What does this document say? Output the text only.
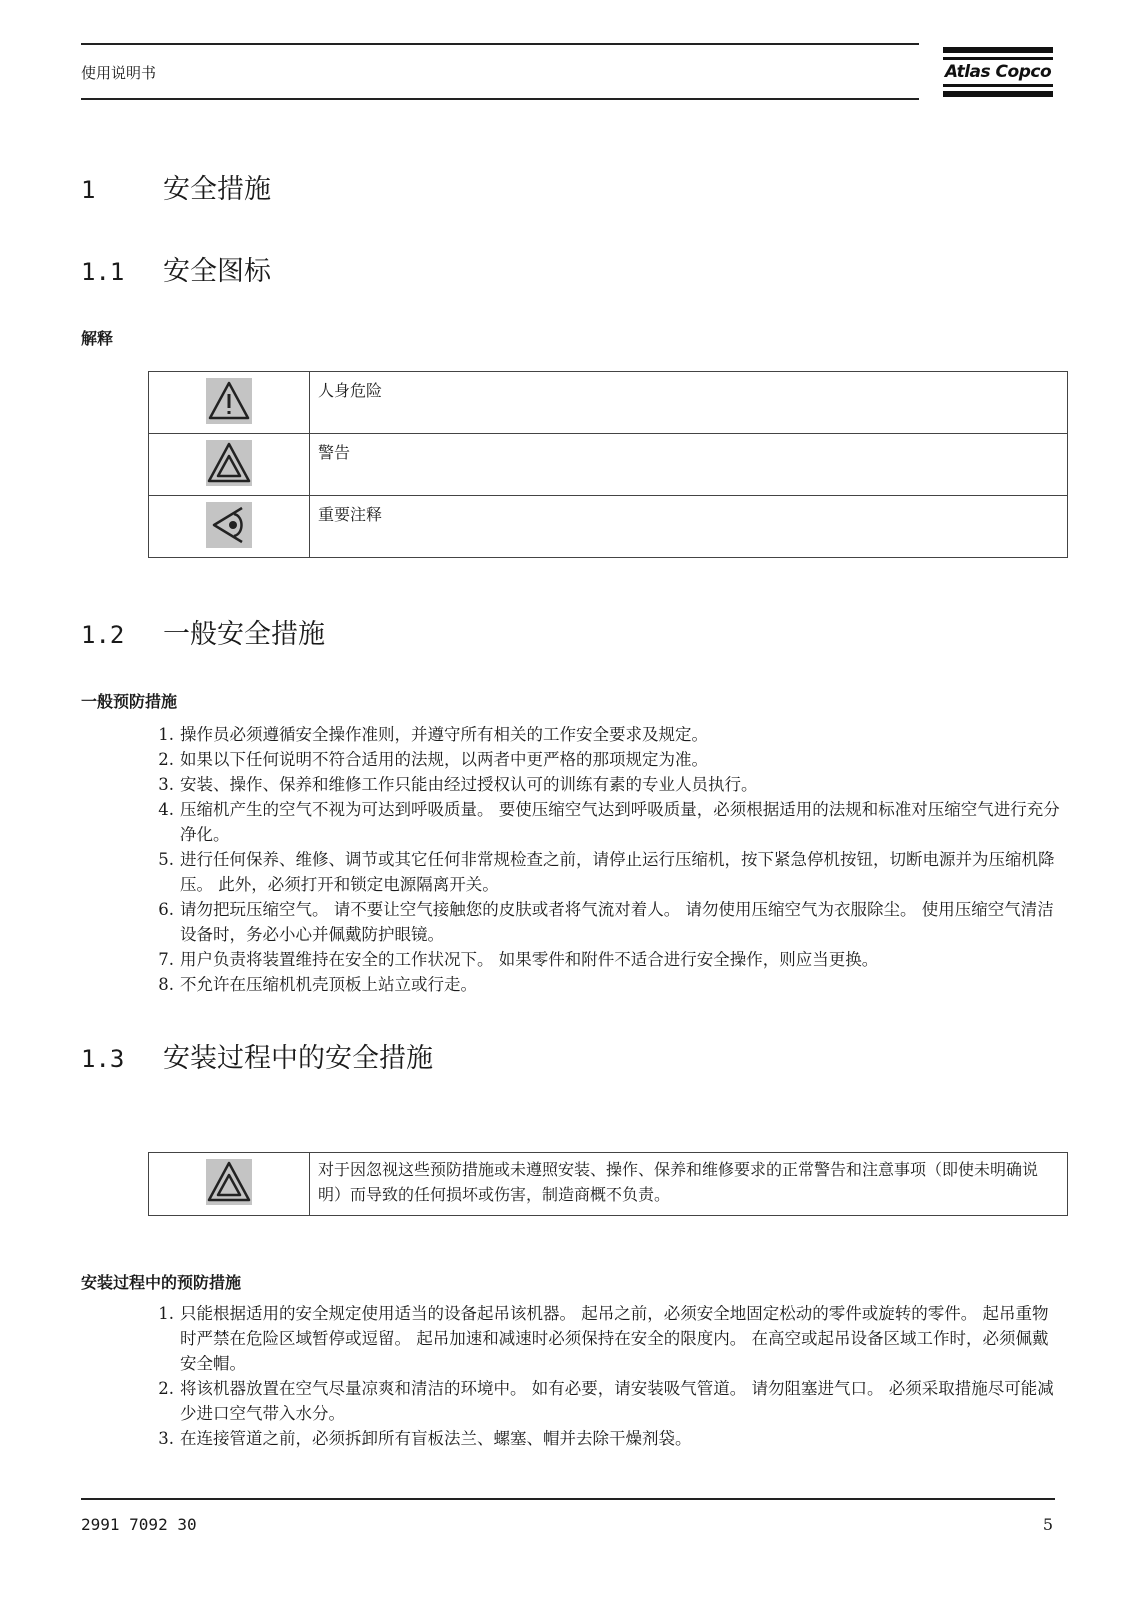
使用说明书	Atlas Copco
1	安全措施
1.1 安全图标
解释
	人身危险

	警告

	重要注释
1.2 一般安全措施
一般预防措施
1. 操作员必须遵循安全操作准则，并遵守所有相关的工作安全要求及规定。
2. 如果以下任何说明不符合适用的法规，以两者中更严格的那项规定为准。
3. 安装、操作、保养和维修工作只能由经过授权认可的训练有素的专业人员执行。
4. 压缩机产生的空气不视为可达到呼吸质量。 要使压缩空气达到呼吸质量，必须根据适用的法规和标准对压缩空气进行充分净化。
5. 进行任何保养、维修、调节或其它任何非常规检查之前，请停止运行压缩机，按下紧急停机按钮，切断电源并为压缩机降压。 此外，必须打开和锁定电源隔离开关。
6. 请勿把玩压缩空气。 请不要让空气接触您的皮肤或者将气流对着人。 请勿使用压缩空气为衣服除尘。 使用压缩空气清洁设备时，务必小心并佩戴防护眼镜。
7. 用户负责将装置维持在安全的工作状况下。 如果零件和附件不适合进行安全操作，则应当更换。
8. 不允许在压缩机机壳顶板上站立或行走。
1.3 安装过程中的安全措施
	对于因忽视这些预防措施或未遵照安装、操作、保养和维修要求的正常警告和注意事项（即使未明确说明）而导致的任何损坏或伤害，制造商概不负责。
安装过程中的预防措施
1. 只能根据适用的安全规定使用适当的设备起吊该机器。 起吊之前，必须安全地固定松动的零件或旋转的零件。 起吊重物时严禁在危险区域暂停或逗留。 起吊加速和减速时必须保持在安全的限度内。 在高空或起吊设备区域工作时，必须佩戴安全帽。
2. 将该机器放置在空气尽量凉爽和清洁的环境中。 如有必要，请安装吸气管道。 请勿阻塞进气口。 必须采取措施尽可能减少进口空气带入水分。
3. 在连接管道之前，必须拆卸所有盲板法兰、螺塞、帽并去除干燥剂袋。
2991 7092 30	5
